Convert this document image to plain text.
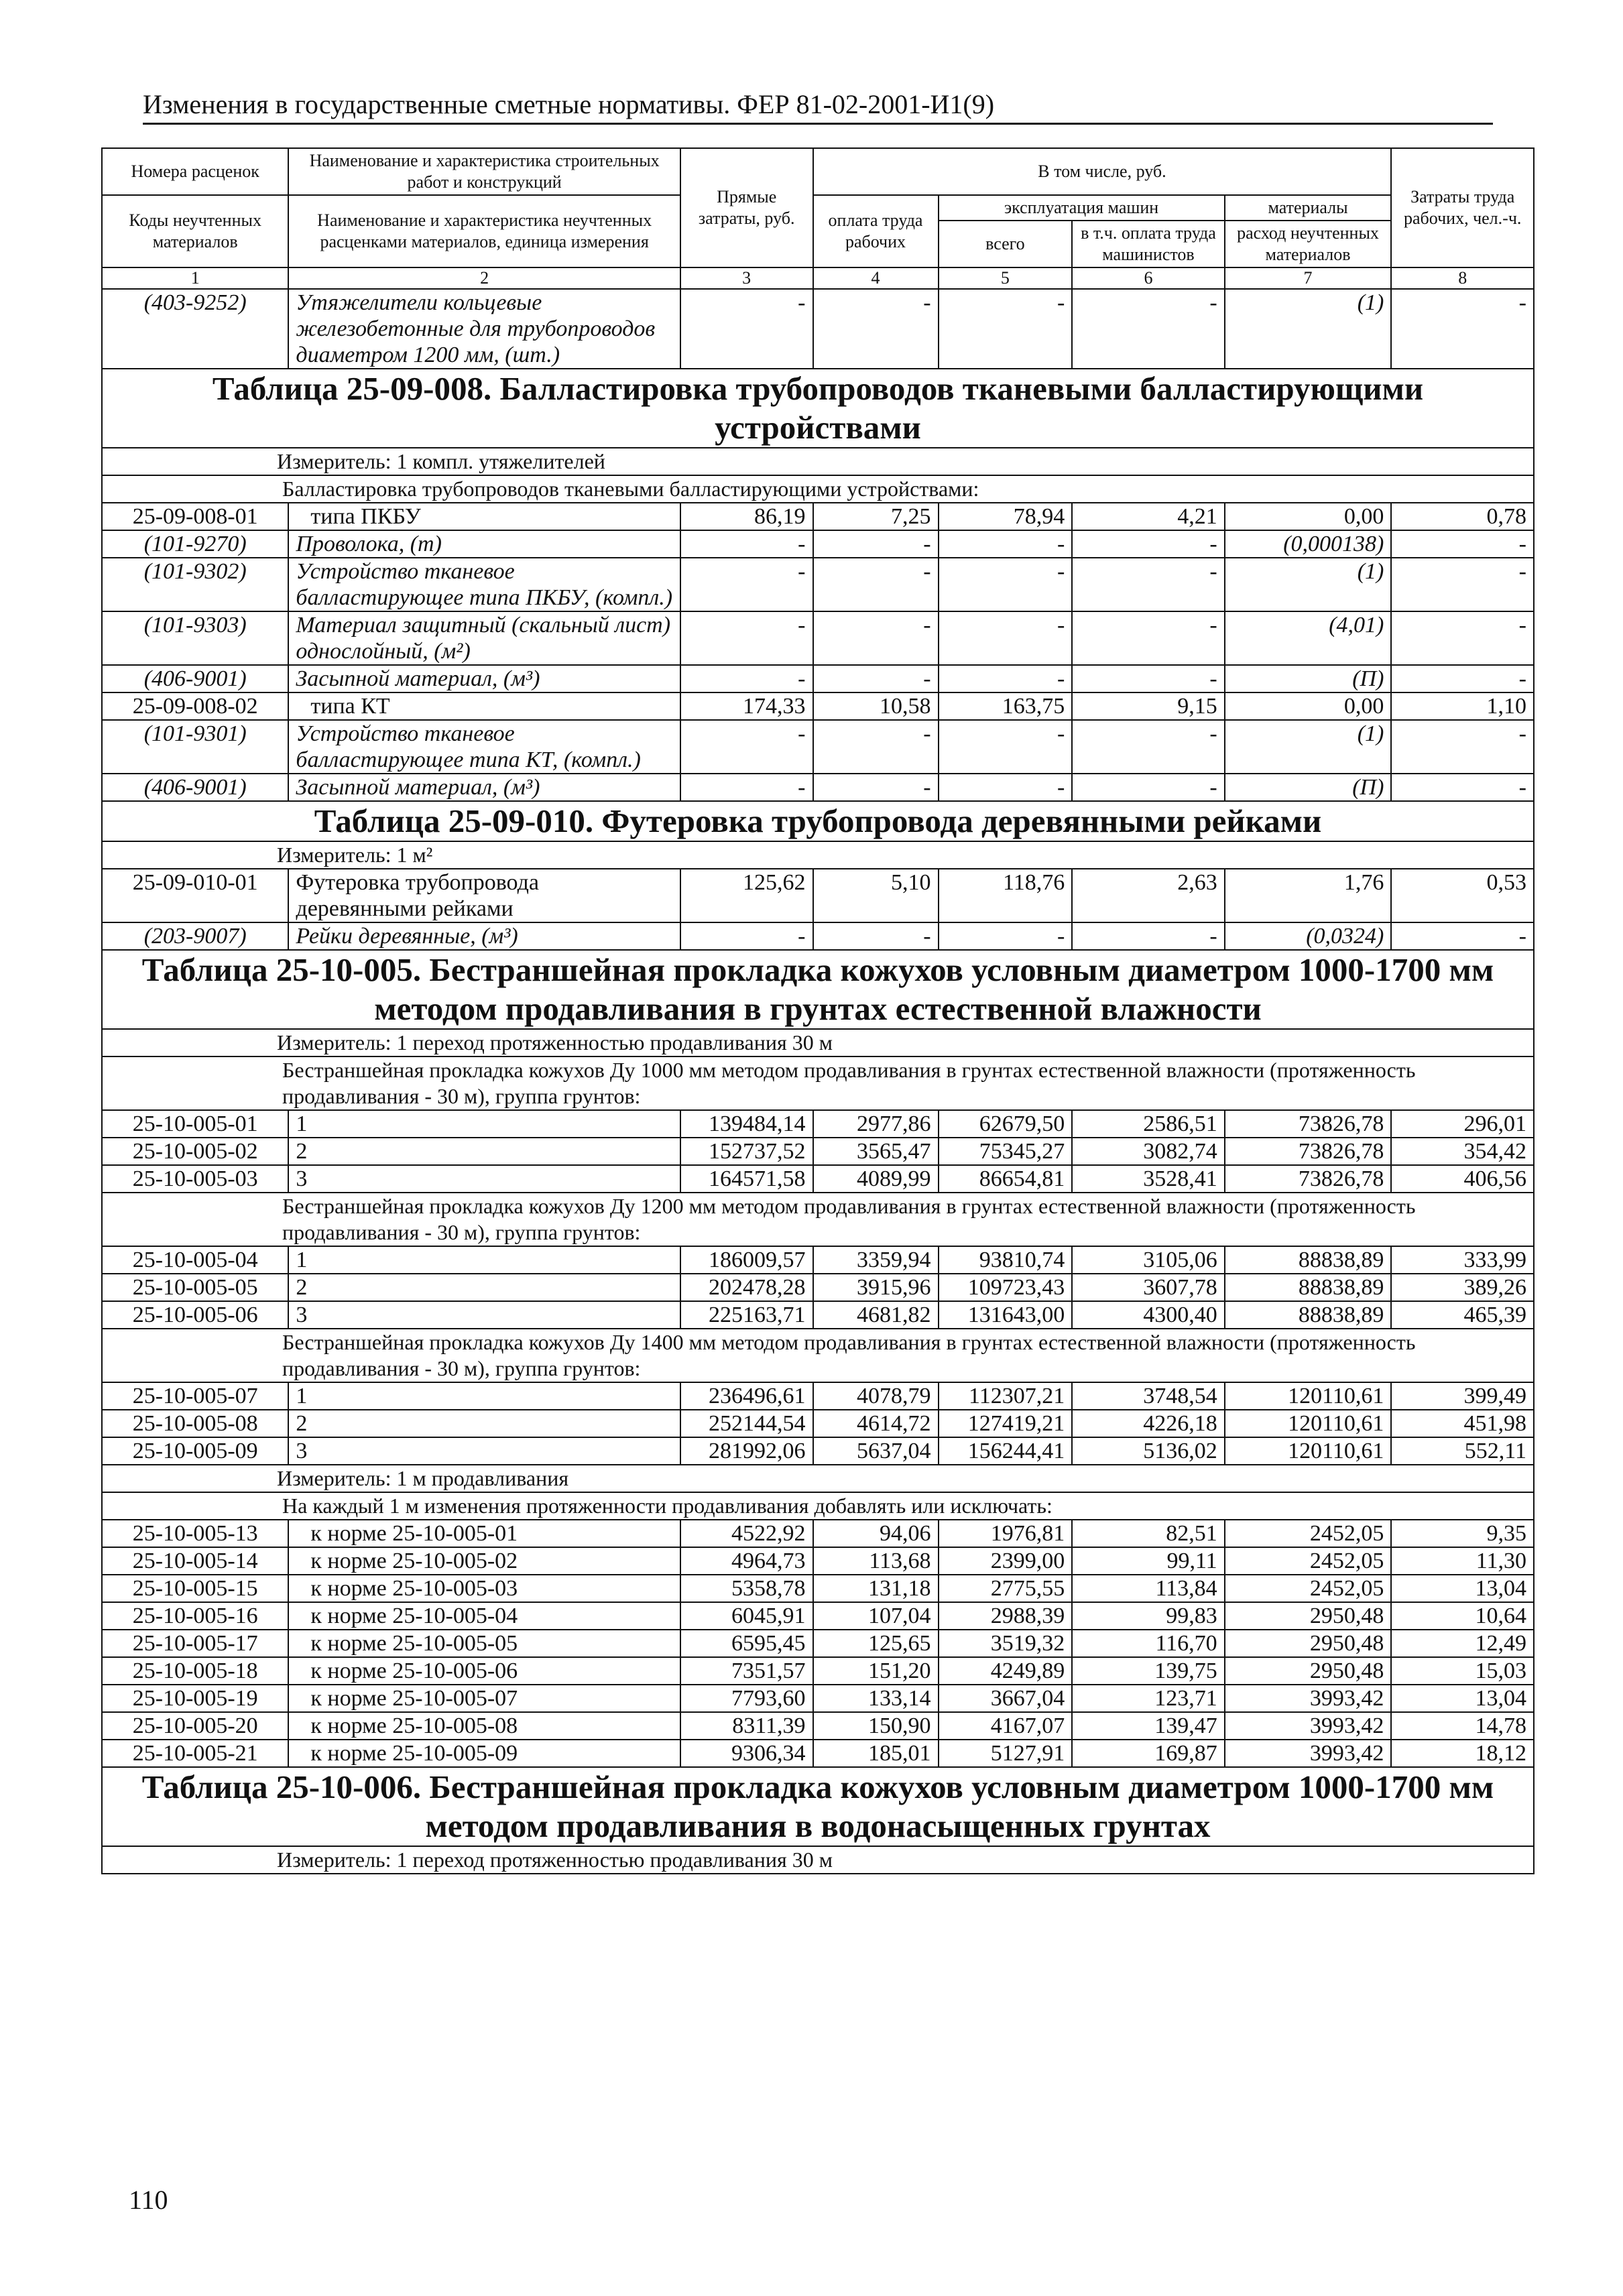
Изменения в государственные сметные нормативы. ФЕР 81-02-2001-И1(9)
Номера расценок	Наименование и характеристика строительных работ и конструкций	Прямые затраты, руб.	В том числе, руб.				Затраты труда рабочих, чел.-ч.
Коды неучтенных материалов	Наименование и характеристика неучтенных расценками материалов, единица измерения		оплата труда рабочих	эксплуатация машин		материалы	
				всего	в т.ч. оплата труда машинистов	расход неучтенных материалов	
1	2	3	4	5	6	7	8
(403-9252)	Утяжелители кольцевые железобетонные для трубопроводов диаметром 1200 мм, (шт.)	-	-	-	-	(1)	-
Таблица 25-09-008. Балластировка трубопроводов тканевыми балластирующими устройствами							
Измеритель: 1 компл. утяжелителей							
Балластировка трубопроводов тканевыми балластирующими устройствами:							
25-09-008-01	типа ПКБУ	86,19	7,25	78,94	4,21	0,00	0,78
(101-9270)	Проволока, (т)	-	-	-	-	(0,000138)	-
(101-9302)	Устройство тканевое балластирующее типа ПКБУ, (компл.)	-	-	-	-	(1)	-
(101-9303)	Материал защитный (скальный лист) однослойный, (м²)	-	-	-	-	(4,01)	-
(406-9001)	Засыпной материал, (м³)	-	-	-	-	(П)	-
25-09-008-02	типа КТ	174,33	10,58	163,75	9,15	0,00	1,10
(101-9301)	Устройство тканевое балластирующее типа КТ, (компл.)	-	-	-	-	(1)	-
(406-9001)	Засыпной материал, (м³)	-	-	-	-	(П)	-
Таблица 25-09-010. Футеровка трубопровода деревянными рейками							
Измеритель: 1 м²							
25-09-010-01	Футеровка трубопровода деревянными рейками	125,62	5,10	118,76	2,63	1,76	0,53
(203-9007)	Рейки деревянные, (м³)	-	-	-	-	(0,0324)	-
Таблица 25-10-005. Бестраншейная прокладка кожухов условным диаметром 1000-1700 мм методом продавливания в грунтах естественной влажности							
Измеритель: 1 переход протяженностью продавливания 30 м							
Бестраншейная прокладка кожухов Ду 1000 мм методом продавливания в грунтах естественной влажности (протяженность продавливания - 30 м), группа грунтов:							
25-10-005-01	1	139484,14	2977,86	62679,50	2586,51	73826,78	296,01
25-10-005-02	2	152737,52	3565,47	75345,27	3082,74	73826,78	354,42
25-10-005-03	3	164571,58	4089,99	86654,81	3528,41	73826,78	406,56
Бестраншейная прокладка кожухов Ду 1200 мм методом продавливания в грунтах естественной влажности (протяженность продавливания - 30 м), группа грунтов:							
25-10-005-04	1	186009,57	3359,94	93810,74	3105,06	88838,89	333,99
25-10-005-05	2	202478,28	3915,96	109723,43	3607,78	88838,89	389,26
25-10-005-06	3	225163,71	4681,82	131643,00	4300,40	88838,89	465,39
Бестраншейная прокладка кожухов Ду 1400 мм методом продавливания в грунтах естественной влажности (протяженность продавливания - 30 м), группа грунтов:							
25-10-005-07	1	236496,61	4078,79	112307,21	3748,54	120110,61	399,49
25-10-005-08	2	252144,54	4614,72	127419,21	4226,18	120110,61	451,98
25-10-005-09	3	281992,06	5637,04	156244,41	5136,02	120110,61	552,11
Измеритель: 1 м продавливания							
На каждый 1 м изменения протяженности продавливания добавлять или исключать:							
25-10-005-13	к норме 25-10-005-01	4522,92	94,06	1976,81	82,51	2452,05	9,35
25-10-005-14	к норме 25-10-005-02	4964,73	113,68	2399,00	99,11	2452,05	11,30
25-10-005-15	к норме 25-10-005-03	5358,78	131,18	2775,55	113,84	2452,05	13,04
25-10-005-16	к норме 25-10-005-04	6045,91	107,04	2988,39	99,83	2950,48	10,64
25-10-005-17	к норме 25-10-005-05	6595,45	125,65	3519,32	116,70	2950,48	12,49
25-10-005-18	к норме 25-10-005-06	7351,57	151,20	4249,89	139,75	2950,48	15,03
25-10-005-19	к норме 25-10-005-07	7793,60	133,14	3667,04	123,71	3993,42	13,04
25-10-005-20	к норме 25-10-005-08	8311,39	150,90	4167,07	139,47	3993,42	14,78
25-10-005-21	к норме 25-10-005-09	9306,34	185,01	5127,91	169,87	3993,42	18,12
Таблица 25-10-006. Бестраншейная прокладка кожухов условным диаметром 1000-1700 мм методом продавливания в водонасыщенных грунтах							
Измеритель: 1 переход протяженностью продавливания 30 м							
110
